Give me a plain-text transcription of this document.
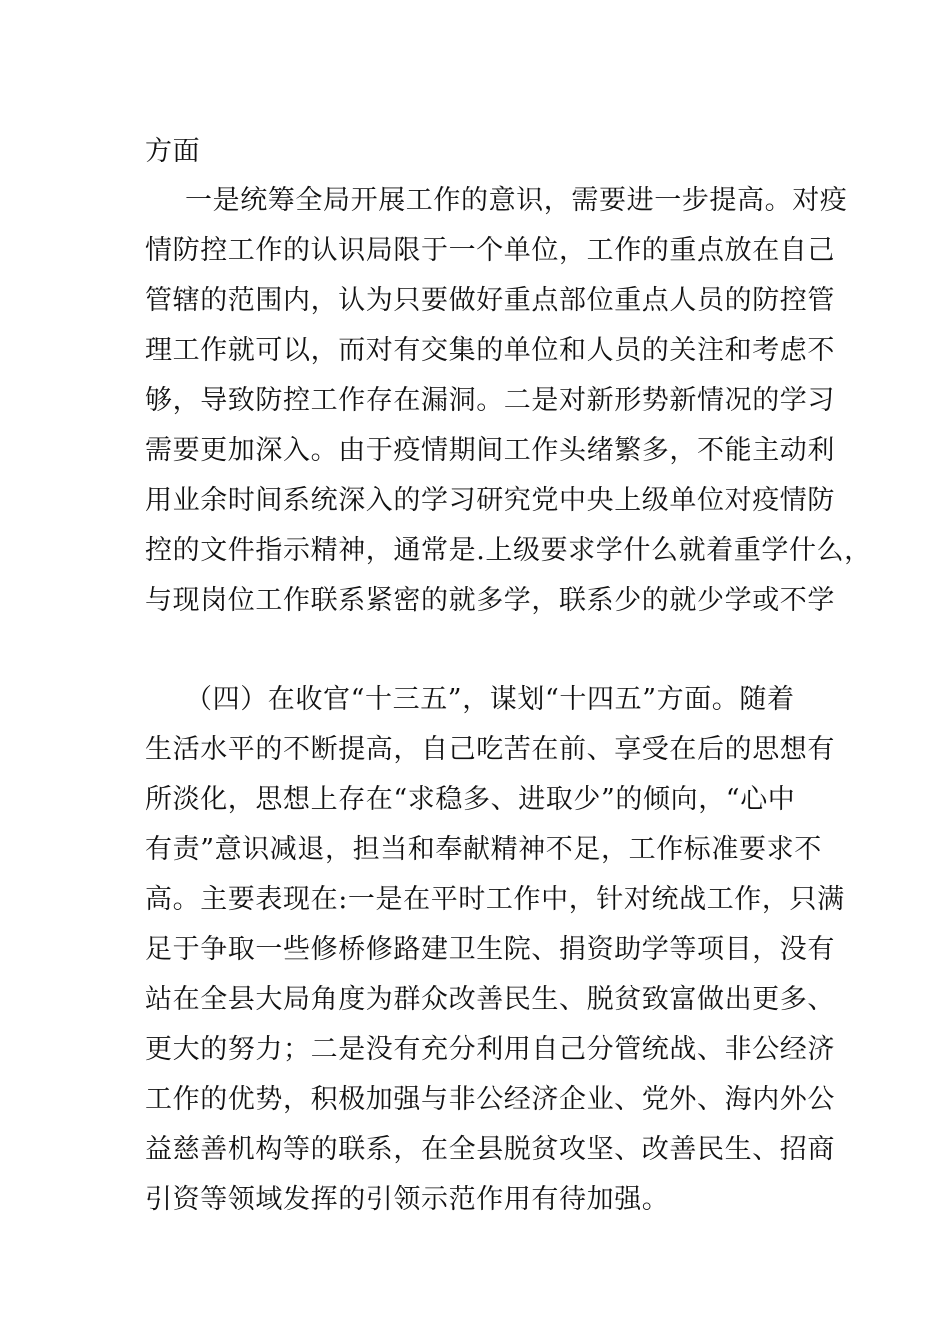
方面
一是统筹全局开展工作的意识，需要进一步提高。对疫
情防控工作的认识局限于一个单位，工作的重点放在自己
管辖的范围内，认为只要做好重点部位重点人员的防控管
理工作就可以，而对有交集的单位和人员的关注和考虑不
够，导致防控工作存在漏洞。二是对新形势新情况的学习
需要更加深入。由于疫情期间工作头绪繁多，不能主动利
用业余时间系统深入的学习研究党中央上级单位对疫情防
控的文件指示精神，通常是.上级要求学什么就着重学什么，
与现岗位工作联系紧密的就多学，联系少的就少学或不学
（四）在收官“十三五”，谋划“十四五”方面。随着
生活水平的不断提高，自己吃苦在前、享受在后的思想有
所淡化，思想上存在“求稳多、进取少”的倾向，“心中
有责”意识减退，担当和奉献精神不足，工作标准要求不
高。主要表现在:一是在平时工作中，针对统战工作，只满
足于争取一些修桥修路建卫生院、捐资助学等项目，没有
站在全县大局角度为群众改善民生、脱贫致富做出更多、
更大的努力；二是没有充分利用自己分管统战、非公经济
工作的优势，积极加强与非公经济企业、党外、海内外公
益慈善机构等的联系，在全县脱贫攻坚、改善民生、招商
引资等领域发挥的引领示范作用有待加强。
